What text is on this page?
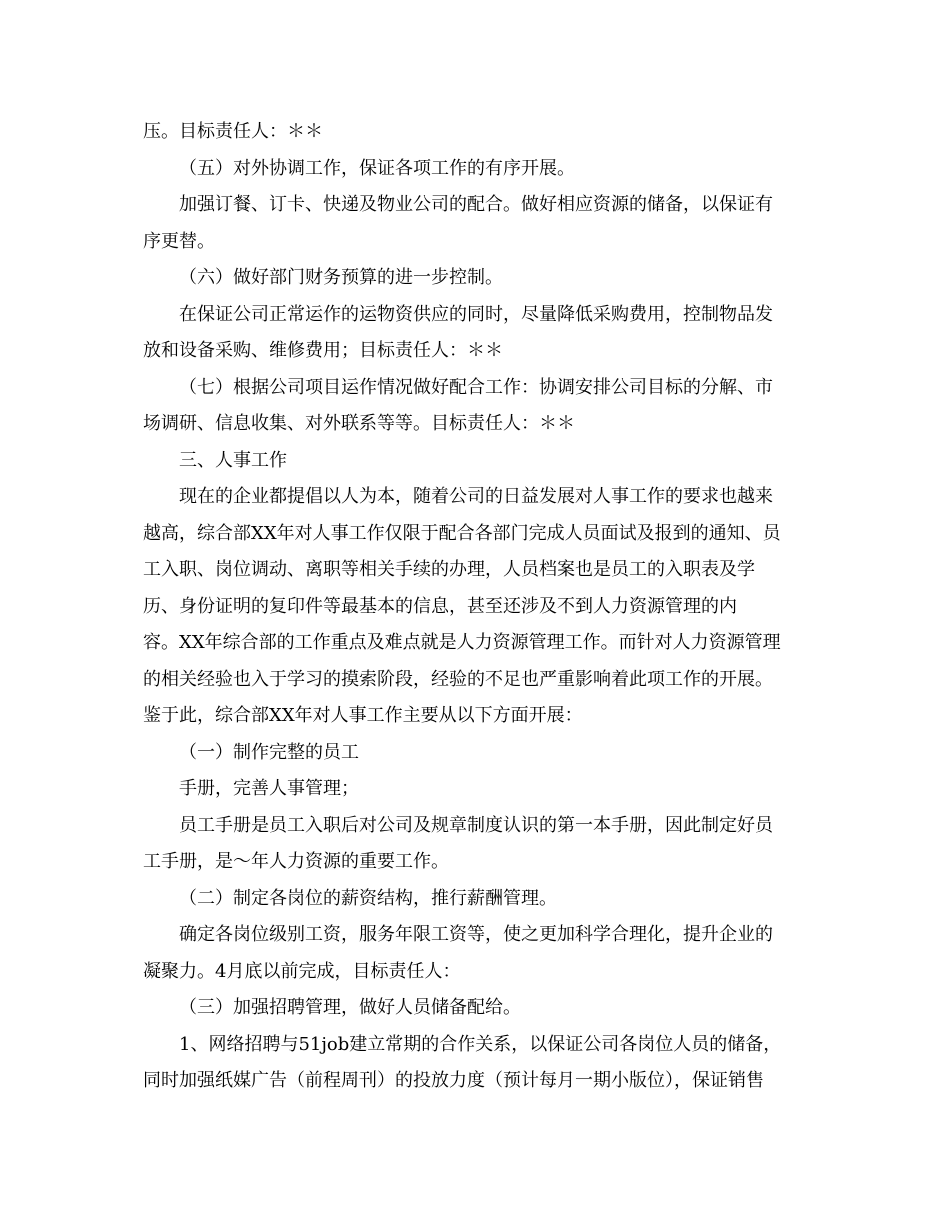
压。目标责任人：＊＊
（五）对外协调工作，保证各项工作的有序开展。
加强订餐、订卡、快递及物业公司的配合。做好相应资源的储备，以保证有
序更替。
（六）做好部门财务预算的进一步控制。
在保证公司正常运作的运物资供应的同时，尽量降低采购费用，控制物品发
放和设备采购、维修费用；目标责任人：＊＊
（七）根据公司项目运作情况做好配合工作：协调安排公司目标的分解、市
场调研、信息收集、对外联系等等。目标责任人：＊＊
三、人事工作
现在的企业都提倡以人为本，随着公司的日益发展对人事工作的要求也越来
越高，综合部XX年对人事工作仅限于配合各部门完成人员面试及报到的通知、员
工入职、岗位调动、离职等相关手续的办理，人员档案也是员工的入职表及学
历、身份证明的复印件等最基本的信息，甚至还涉及不到人力资源管理的内
容。XX年综合部的工作重点及难点就是人力资源管理工作。而针对人力资源管理
的相关经验也入于学习的摸索阶段，经验的不足也严重影响着此项工作的开展。
鉴于此，综合部XX年对人事工作主要从以下方面开展：
（一）制作完整的员工
手册，完善人事管理；
员工手册是员工入职后对公司及规章制度认识的第一本手册，因此制定好员
工手册，是～年人力资源的重要工作。
（二）制定各岗位的薪资结构，推行薪酬管理。
确定各岗位级别工资，服务年限工资等，使之更加科学合理化，提升企业的
凝聚力。4月底以前完成，目标责任人：
（三）加强招聘管理，做好人员储备配给。
1、网络招聘与51job建立常期的合作关系，以保证公司各岗位人员的储备，
同时加强纸媒广告（前程周刊）的投放力度（预计每月一期小版位），保证销售
